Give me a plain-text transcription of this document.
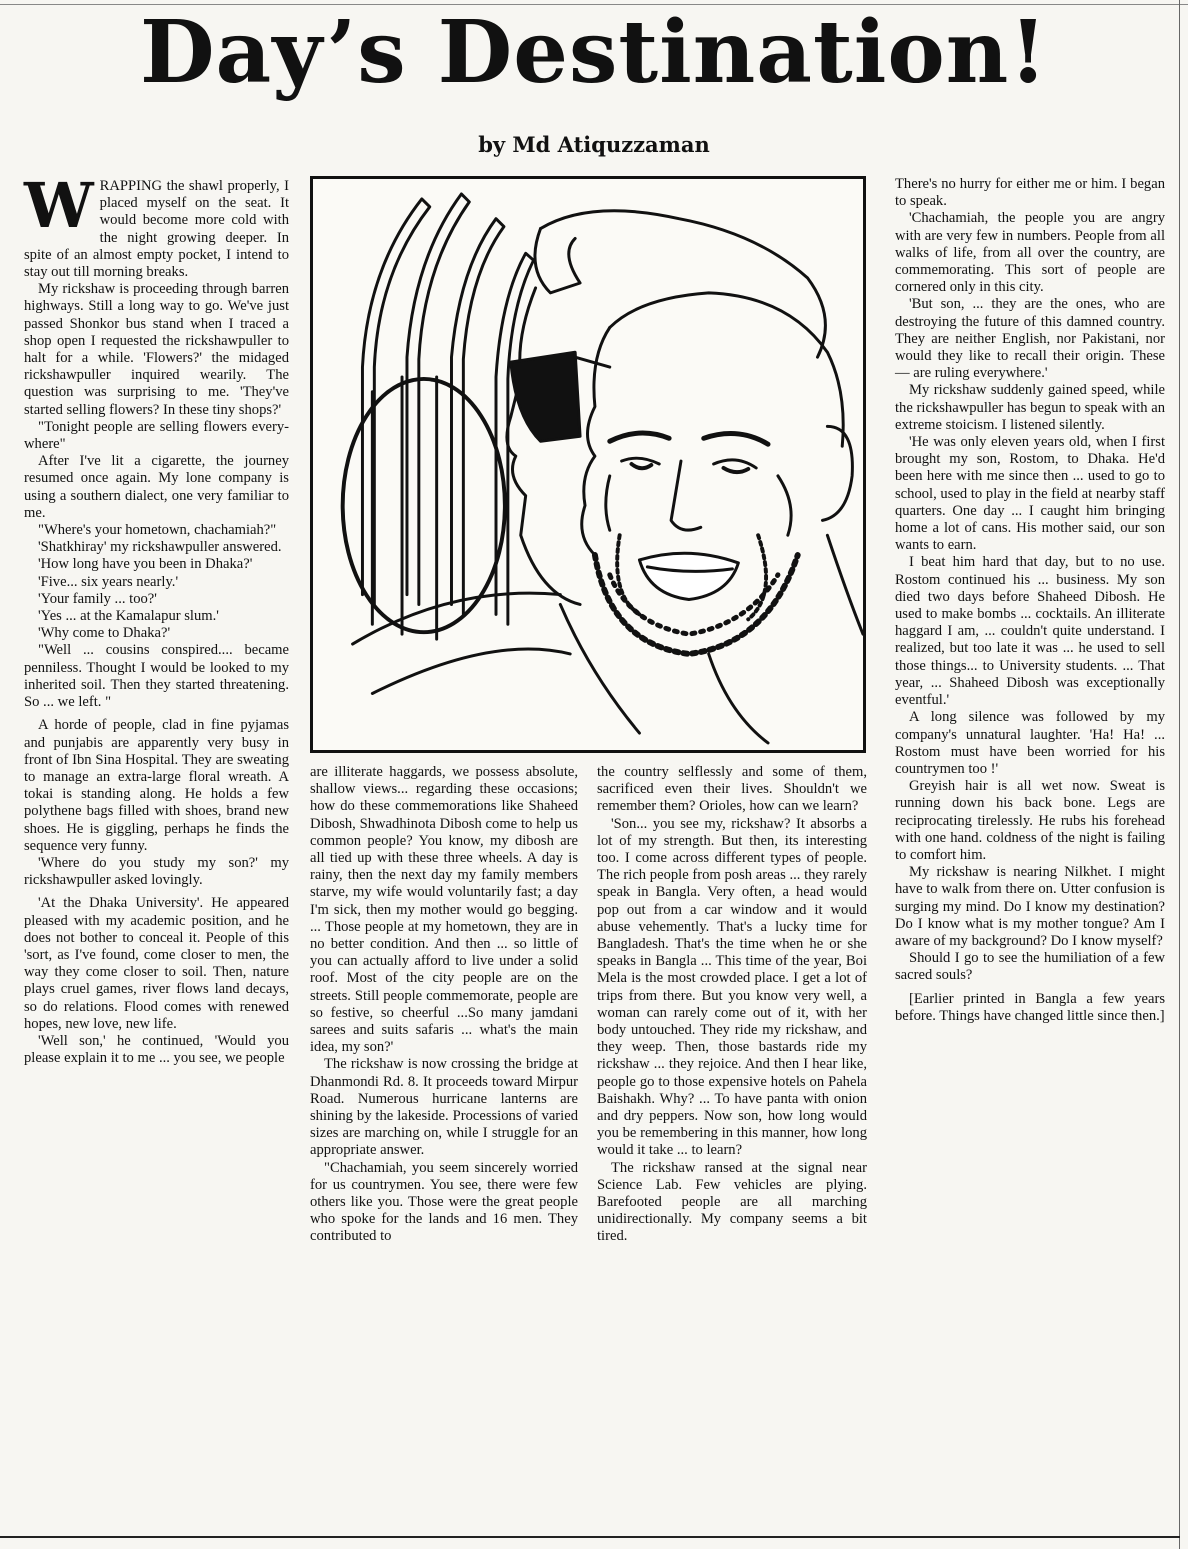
Day’s Destination!
by Md Atiquzzaman

WRAPPING the shawl properly, I placed myself on the seat. It would become more cold with the night growing deeper. In spite of an almost empty pocket, I intend to stay out till morning breaks.

My rickshaw is proceeding through barren highways. Still a long way to go. We've just passed Shonkor bus stand when I traced a shop open I requested the rickshawpuller to halt for a while. 'Flowers?' the midaged rickshawpuller inquired wearily. The question was surprising to me. 'They've started selling flowers? In these tiny shops?'

"Tonight people are selling flowers every-where"

After I've lit a cigarette, the journey resumed once again. My lone company is using a southern dialect, one very familiar to me.

"Where's your hometown, chachamiah?"

'Shatkhiray' my rickshawpuller answered.

'How long have you been in Dhaka?'

'Five... six years nearly.'

'Your family ... too?'

'Yes ... at the Kamalapur slum.'

'Why come to Dhaka?'

"Well ... cousins conspired.... became penniless. Thought I would be looked to my inherited soil. Then they started threatening. So ... we left. "

A horde of people, clad in fine pyjamas and punjabis are apparently very busy in front of Ibn Sina Hospital. They are sweating to manage an extra-large floral wreath. A tokai is standing along. He holds a few polythene bags filled with shoes, brand new shoes. He is giggling, perhaps he finds the sequence very funny.

'Where do you study my son?' my rickshawpuller asked lovingly.

'At the Dhaka University'. He appeared pleased with my academic position, and he does not bother to conceal it. People of this 'sort, as I've found, come closer to men, the way they come closer to soil. Then, nature plays cruel games, river flows land decays, so do relations. Flood comes with renewed hopes, new love, new life.

'Well son,' he continued, 'Would you please explain it to me ... you see, we people

are illiterate haggards, we possess absolute, shallow views... regarding these occasions; how do these commemorations like Shaheed Dibosh, Shwadhinota Dibosh come to help us common people? You know, my dibosh are all tied up with these three wheels. A day is rainy, then the next day my family members starve, my wife would voluntarily fast; a day I'm sick, then my mother would go begging. ... Those people at my hometown, they are in no better condition. And then ... so little of you can actually afford to live under a solid roof. Most of the city people are on the streets. Still people commemorate, people are so festive, so cheerful ...So many jamdani sarees and suits safaris ... what's the main idea, my son?'

The rickshaw is now crossing the bridge at Dhanmondi Rd. 8. It proceeds toward Mirpur Road. Numerous hurricane lanterns are shining by the lakeside. Processions of varied sizes are marching on, while I struggle for an appropriate answer.

"Chachamiah, you seem sincerely worried for us countrymen. You see, there were few others like you. Those were the great people who spoke for the lands and 16 men. They contributed to

the country selflessly and some of them, sacrificed even their lives. Shouldn't we remember them? Orioles, how can we learn?

'Son... you see my, rickshaw? It absorbs a lot of my strength. But then, its interesting too. I come across different types of people. The rich people from posh areas ... they rarely speak in Bangla. Very often, a head would pop out from a car window and it would abuse vehemently. That's a lucky time for Bangladesh. That's the time when he or she speaks in Bangla ... This time of the year, Boi Mela is the most crowded place. I get a lot of trips from there. But you know very well, a woman can rarely come out of it, with her body untouched. They ride my rickshaw, and they weep. Then, those bastards ride my rickshaw ... they rejoice. And then I hear like, people go to those expensive hotels on Pahela Baishakh. Why? ... To have panta with onion and dry peppers. Now son, how long would you be remembering in this manner, how long would it take ... to learn?

The rickshaw ransed at the signal near Science Lab. Few vehicles are plying. Barefooted people are all marching unidirectionally. My company seems a bit tired.

There's no hurry for either me or him. I began to speak.

'Chachamiah, the people you are angry with are very few in numbers. People from all walks of life, from all over the country, are commemorating. This sort of people are cornered only in this city.

'But son, ... they are the ones, who are destroying the future of this damned country. They are neither English, nor Pakistani, nor would they like to recall their origin. These — are ruling everywhere.'

My rickshaw suddenly gained speed, while the rickshawpuller has begun to speak with an extreme stoicism. I listened silently.

'He was only eleven years old, when I first brought my son, Rostom, to Dhaka. He'd been here with me since then ... used to go to school, used to play in the field at nearby staff quarters. One day ... I caught him bringing home a lot of cans. His mother said, our son wants to earn.

I beat him hard that day, but to no use. Rostom continued his ... business. My son died two days before Shaheed Dibosh. He used to make bombs ... cocktails. An illiterate haggard I am, ... couldn't quite understand. I realized, but too late it was ... he used to sell those things... to University students. ... That year, ... Shaheed Dibosh was exceptionally eventful.'

A long silence was followed by my company's unnatural laughter. 'Ha! Ha! ... Rostom must have been worried for his countrymen too !'

Greyish hair is all wet now. Sweat is running down his back bone. Legs are reciprocating tirelessly. He rubs his forehead with one hand. coldness of the night is failing to comfort him.

My rickshaw is nearing Nilkhet. I might have to walk from there on. Utter confusion is surging my mind. Do I know my destination? Do I know what is my mother tongue? Am I aware of my background? Do I know myself?

Should I go to see the humiliation of a few sacred souls?

[Earlier printed in Bangla a few years before. Things have changed little since then.]
